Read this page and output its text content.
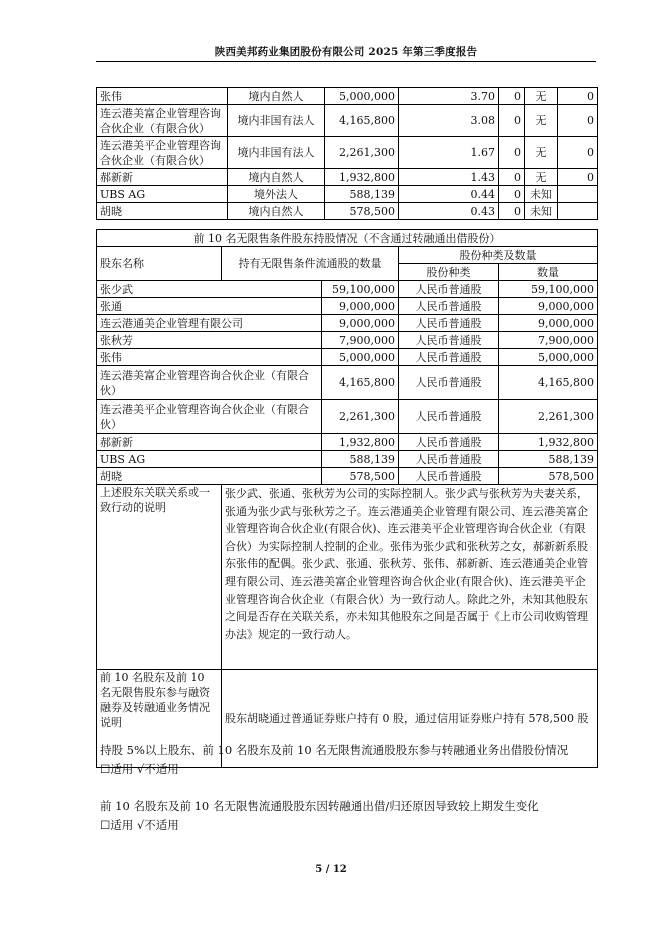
陕西美邦药业集团股份有限公司 2025 年第三季度报告
张伟	境内自然人	5,000,000	3.70	0	无	0
连云港美富企业管理咨询合伙企业（有限合伙）	境内非国有法人	4,165,800	3.08	0	无	0
连云港美平企业管理咨询合伙企业（有限合伙）	境内非国有法人	2,261,300	1.67	0	无	0
郝新新	境内自然人	1,932,800	1.43	0	无	0
UBS AG	境外法人	588,139	0.44	0	未知	
胡晓	境内自然人	578,500	0.43	0	未知	
前 10 名无限售条件股东持股情况（不含通过转融通出借股份）				
股东名称	持有无限售条件流通股的数量		股份种类及数量	
			股份种类	数量
张少武		59,100,000	人民币普通股	59,100,000
张通		9,000,000	人民币普通股	9,000,000
连云港通美企业管理有限公司		9,000,000	人民币普通股	9,000,000
张秋芳		7,900,000	人民币普通股	7,900,000
张伟		5,000,000	人民币普通股	5,000,000
连云港美富企业管理咨询合伙企业（有限合伙）		4,165,800	人民币普通股	4,165,800
连云港美平企业管理咨询合伙企业（有限合伙）		2,261,300	人民币普通股	2,261,300
郝新新		1,932,800	人民币普通股	1,932,800
UBS AG		588,139	人民币普通股	588,139
胡晓		578,500	人民币普通股	578,500
上述股东关联关系或一致行动的说明	张少武、张通、张秋芳为公司的实际控制人。张少武与张秋芳为夫妻关系，张通为张少武与张秋芳之子。连云港通美企业管理有限公司、连云港美富企业管理咨询合伙企业(有限合伙)、连云港美平企业管理咨询合伙企业（有限合伙）为实际控制人控制的企业。张伟为张少武和张秋芳之女，郝新新系股东张伟的配偶。张少武、张通、张秋芳、张伟、郝新新、连云港通美企业管理有限公司、连云港美富企业管理咨询合伙企业(有限合伙)、连云港美平企业管理咨询合伙企业（有限合伙）为一致行动人。除此之外，未知其他股东之间是否存在关联关系，亦未知其他股东之间是否属于《上市公司收购管理办法》规定的一致行动人。			
前 10 名股东及前 10 名无限售股东参与融资融券及转融通业务情况说明	股东胡晓通过普通证券账户持有 0 股，通过信用证券账户持有 578,500 股			
持股 5%以上股东、前 10 名股东及前 10 名无限售流通股股东参与转融通业务出借股份情况
☐适用 √不适用
前 10 名股东及前 10 名无限售流通股股东因转融通出借/归还原因导致较上期发生变化
☐适用 √不适用
5 / 12
